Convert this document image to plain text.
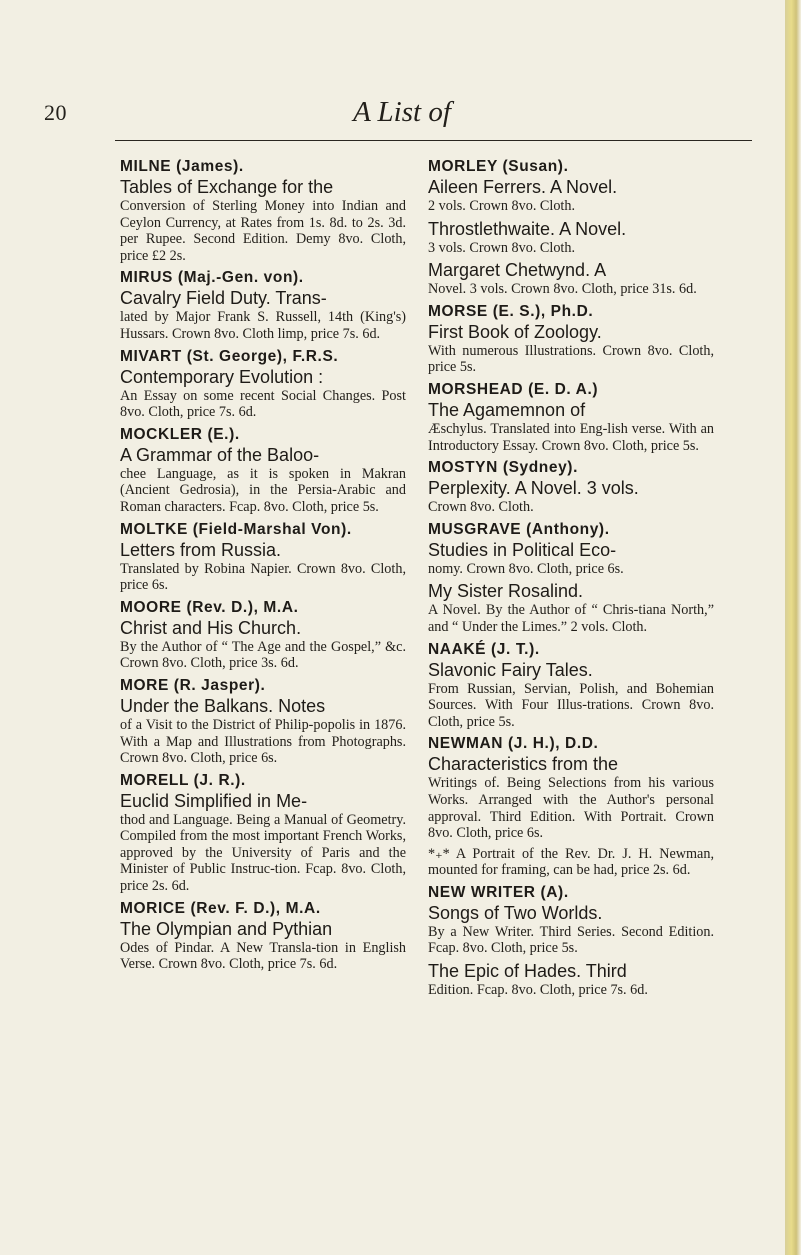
20	A List of
MILNE (James).
Tables of Exchange for the
Conversion of Sterling Money into Indian and Ceylon Currency, at Rates from 1s. 8d. to 2s. 3d. per Rupee. Second Edition. Demy 8vo. Cloth, price £2 2s.
MIRUS (Maj.-Gen. von).
Cavalry Field Duty. Trans-
lated by Major Frank S. Russell, 14th (King's) Hussars. Crown 8vo. Cloth limp, price 7s. 6d.
MIVART (St. George), F.R.S.
Contemporary Evolution :
An Essay on some recent Social Changes. Post 8vo. Cloth, price 7s. 6d.
MOCKLER (E.).
A Grammar of the Baloo-
chee Language, as it is spoken in Makran (Ancient Gedrosia), in the Persia-Arabic and Roman characters. Fcap. 8vo. Cloth, price 5s.
MOLTKE (Field-Marshal Von).
Letters from Russia.
Translated by Robina Napier. Crown 8vo. Cloth, price 6s.
MOORE (Rev. D.), M.A.
Christ and His Church.
By the Author of “ The Age and the Gospel,” &c. Crown 8vo. Cloth, price 3s. 6d.
MORE (R. Jasper).
Under the Balkans. Notes
of a Visit to the District of Philip-popolis in 1876. With a Map and Illustrations from Photographs. Crown 8vo. Cloth, price 6s.
MORELL (J. R.).
Euclid Simplified in Me-
thod and Language. Being a Manual of Geometry. Compiled from the most important French Works, approved by the University of Paris and the Minister of Public Instruc-tion. Fcap. 8vo. Cloth, price 2s. 6d.
MORICE (Rev. F. D.), M.A.
The Olympian and Pythian
Odes of Pindar. A New Transla-tion in English Verse. Crown 8vo. Cloth, price 7s. 6d.
MORLEY (Susan).
Aileen Ferrers. A Novel.
2 vols. Crown 8vo. Cloth.
Throstlethwaite. A Novel.
3 vols. Crown 8vo. Cloth.
Margaret Chetwynd. A
Novel. 3 vols. Crown 8vo. Cloth, price 31s. 6d.
MORSE (E. S.), Ph.D.
First Book of Zoology.
With numerous Illustrations. Crown 8vo. Cloth, price 5s.
MORSHEAD (E. D. A.)
The Agamemnon of
Æschylus. Translated into Eng-lish verse. With an Introductory Essay. Crown 8vo. Cloth, price 5s.
MOSTYN (Sydney).
Perplexity. A Novel. 3 vols.
Crown 8vo. Cloth.
MUSGRAVE (Anthony).
Studies in Political Eco-
nomy. Crown 8vo. Cloth, price 6s.
My Sister Rosalind.
A Novel. By the Author of “ Chris-tiana North,” and “ Under the Limes.” 2 vols. Cloth.
NAAKÉ (J. T.).
Slavonic Fairy Tales.
From Russian, Servian, Polish, and Bohemian Sources. With Four Illus-trations. Crown 8vo. Cloth, price 5s.
NEWMAN (J. H.), D.D.
Characteristics from the
Writings of. Being Selections from his various Works. Arranged with the Author's personal approval. Third Edition. With Portrait. Crown 8vo. Cloth, price 6s.
*₊* A Portrait of the Rev. Dr. J. H. Newman, mounted for framing, can be had, price 2s. 6d.
NEW WRITER (A).
Songs of Two Worlds.
By a New Writer. Third Series. Second Edition. Fcap. 8vo. Cloth, price 5s.
The Epic of Hades. Third
Edition. Fcap. 8vo. Cloth, price 7s. 6d.
